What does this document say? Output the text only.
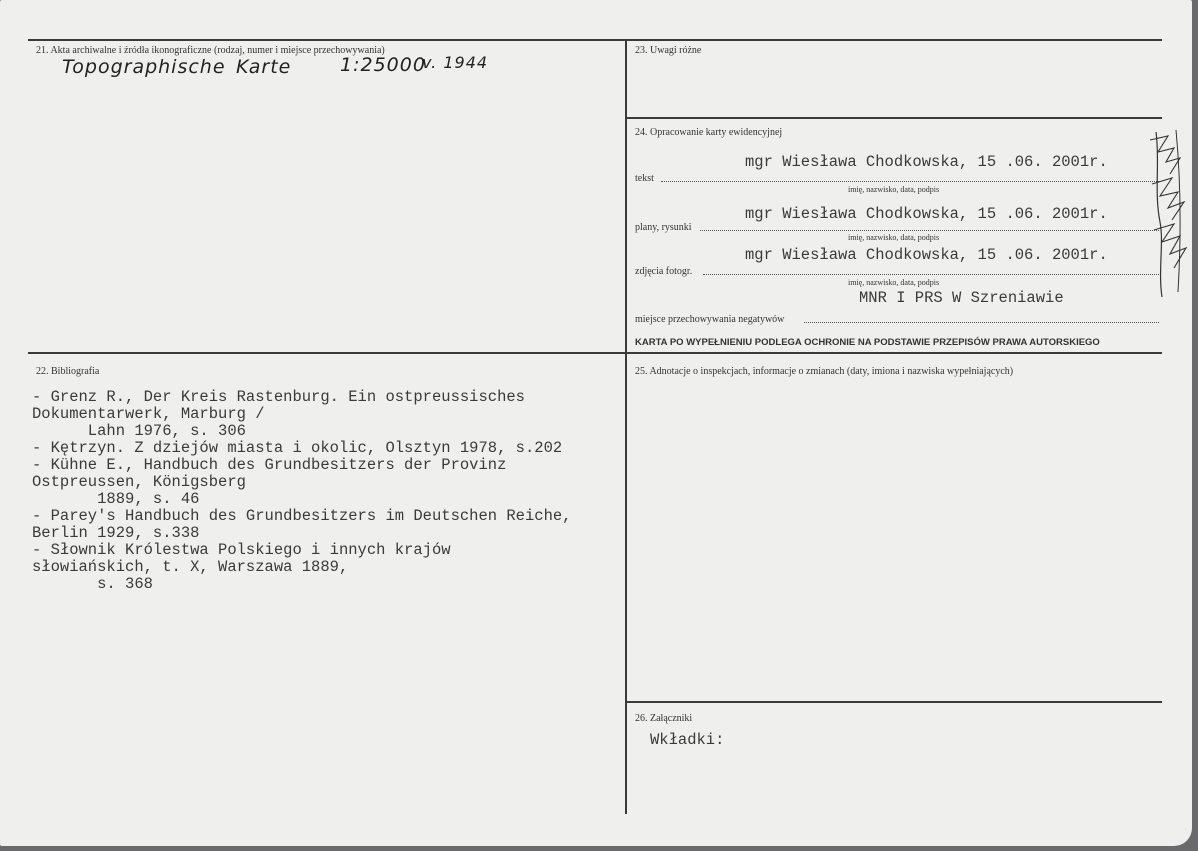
21. Akta archiwalne i źródła ikonograficzne (rodzaj, numer i miejsce przechowywania)
Topographische Karte	1:25000
v. 1944
23. Uwagi różne
24. Opracowanie karty ewidencyjnej
mgr Wiesława Chodkowska, 15 .06. 2001r.
tekst
imię, nazwisko, data, podpis
mgr Wiesława Chodkowska, 15 .06. 2001r.
plany, rysunki
imię, nazwisko, data, podpis
mgr Wiesława Chodkowska, 15 .06. 2001r.
zdjęcia fotogr.
imię, nazwisko, data, podpis
MNR I PRS W Szreniawie
miejsce przechowywania negatywów
KARTA PO WYPEŁNIENIU PODLEGA OCHRONIE NA PODSTAWIE PRZEPISÓW PRAWA AUTORSKIEGO
22. Bibliografia
- Grenz R., Der Kreis Rastenburg. Ein ostpreussisches
Dokumentarwerk, Marburg /
Lahn 1976, s. 306
- Kętrzyn. Z dziejów miasta i okolic, Olsztyn 1978, s.202
- Kühne E., Handbuch des Grundbesitzers der Provinz
Ostpreussen, Königsberg
1889, s. 46
- Parey's Handbuch des Grundbesitzers im Deutschen Reiche,
Berlin 1929, s.338
- Słownik Królestwa Polskiego i innych krajów
słowiańskich, t. X, Warszawa 1889,
s. 368
25. Adnotacje o inspekcjach, informacje o zmianach (daty, imiona i nazwiska wypełniających)
26. Załączniki
Wkładki:
